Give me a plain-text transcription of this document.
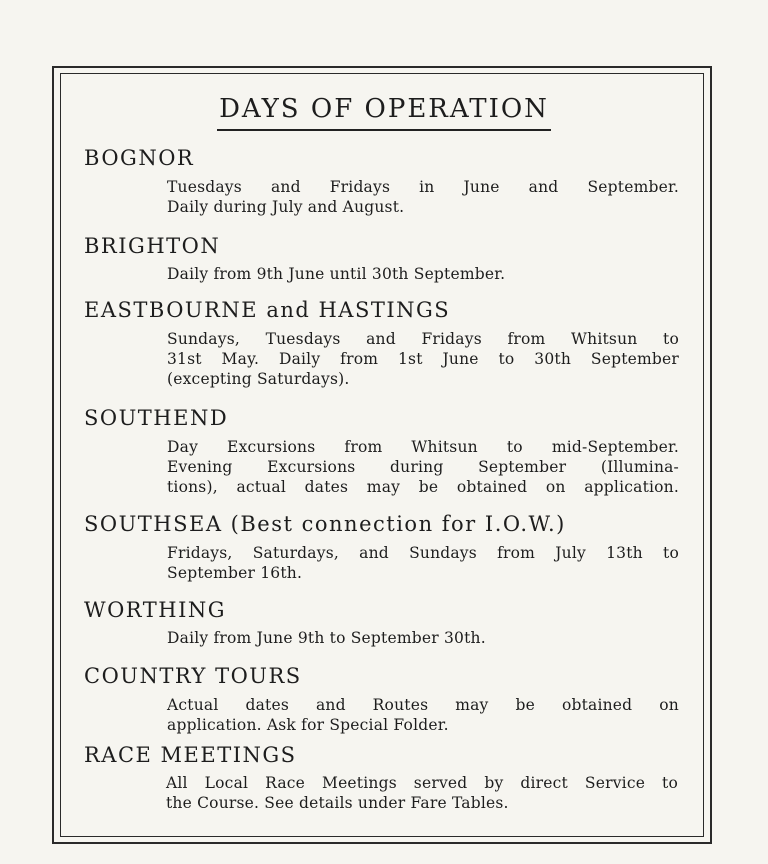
DAYS OF OPERATION
BOGNOR
Tuesdays and Fridays in June and September.
Daily during July and August.
BRIGHTON
Daily from 9th June until 30th September.
EASTBOURNE and HASTINGS
Sundays, Tuesdays and Fridays from Whitsun to
31st May. Daily from 1st June to 30th September
(excepting Saturdays).
SOUTHEND
Day Excursions from Whitsun to mid-September.
Evening Excursions during September (Illumina-
tions), actual dates may be obtained on application.
SOUTHSEA (Best connection for I.O.W.)
Fridays, Saturdays, and Sundays from July 13th to
September 16th.
WORTHING
Daily from June 9th to September 30th.
COUNTRY TOURS
Actual dates and Routes may be obtained on
application. Ask for Special Folder.
RACE MEETINGS
All Local Race Meetings served by direct Service to
the Course. See details under Fare Tables.
